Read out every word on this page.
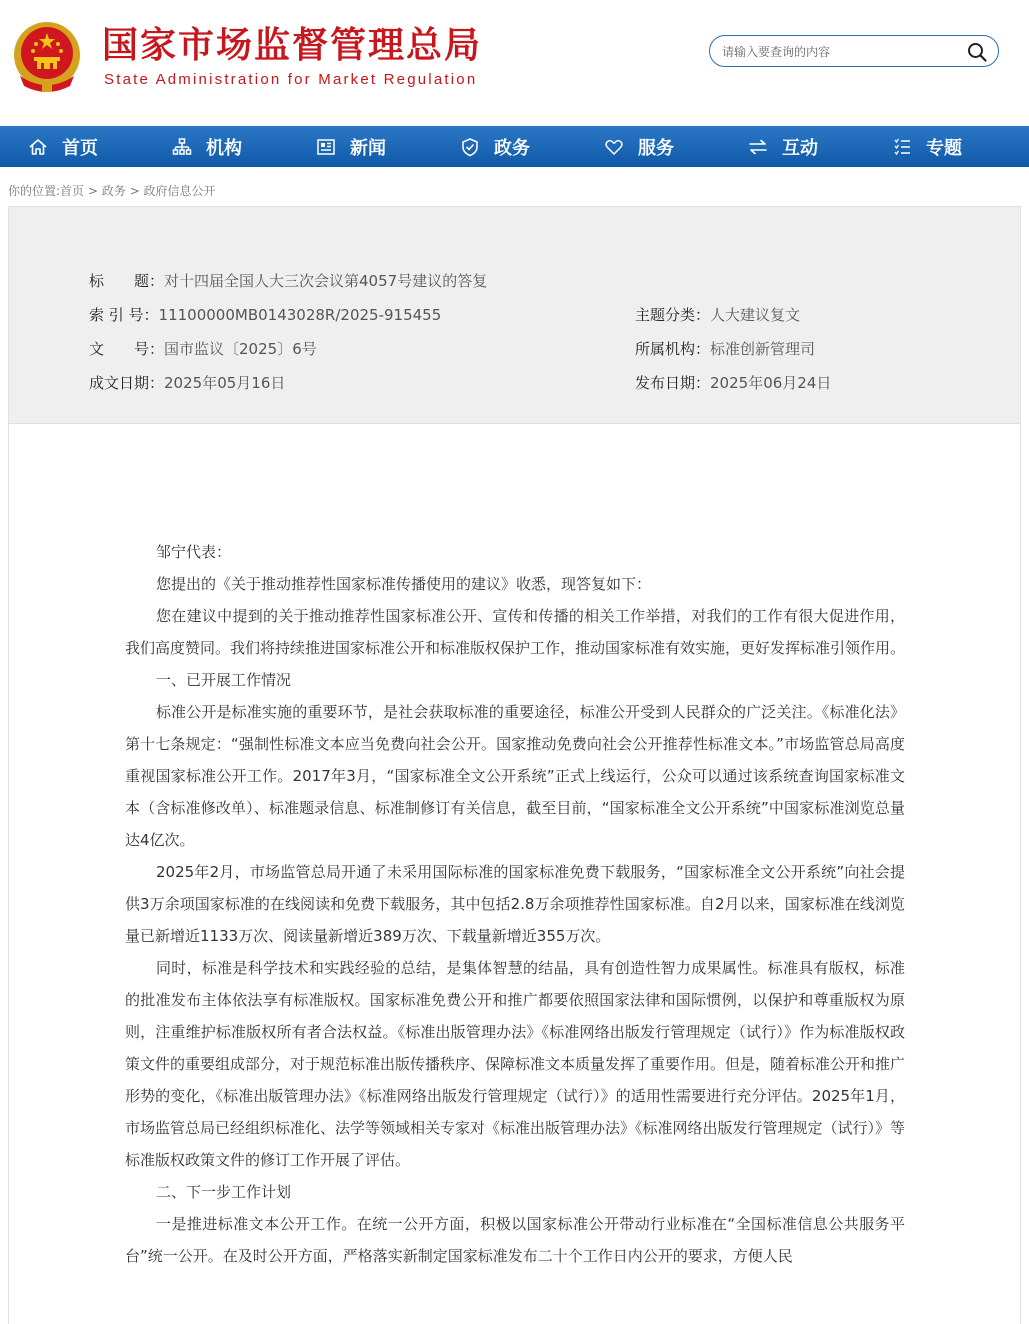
国家市场监督管理总局
State Administration for Market Regulation
请输入要查询的内容
首页	机构	新闻	政务	服务	互动	专题
你的位置:首页 > 政务 > 政府信息公开
标　　题：对十四届全国人大三次会议第4057号建议的答复
索 引 号：11100000MB0143028R/2025-915455	主题分类：人大建议复文
文　　号：国市监议〔2025〕6号	所属机构：标准创新管理司
成文日期：2025年05月16日	发布日期：2025年06月24日

邹宁代表：

您提出的《关于推动推荐性国家标准传播使用的建议》收悉，现答复如下：

您在建议中提到的关于推动推荐性国家标准公开、宣传和传播的相关工作举措，对我们的工作有很大促进作用，我们高度赞同。我们将持续推进国家标准公开和标准版权保护工作，推动国家标准有效实施，更好发挥标准引领作用。

一、已开展工作情况

标准公开是标准实施的重要环节，是社会获取标准的重要途径，标准公开受到人民群众的广泛关注。《标准化法》第十七条规定：“强制性标准文本应当免费向社会公开。国家推动免费向社会公开推荐性标准文本。”市场监管总局高度重视国家标准公开工作。2017年3月，“国家标准全文公开系统”正式上线运行，公众可以通过该系统查询国家标准文本（含标准修改单）、标准题录信息、标准制修订有关信息，截至目前，“国家标准全文公开系统”中国家标准浏览总量达4亿次。

2025年2月，市场监管总局开通了未采用国际标准的国家标准免费下载服务，“国家标准全文公开系统”向社会提供3万余项国家标准的在线阅读和免费下载服务，其中包括2.8万余项推荐性国家标准。自2月以来，国家标准在线浏览量已新增近1133万次、阅读量新增近389万次、下载量新增近355万次。

同时，标准是科学技术和实践经验的总结，是集体智慧的结晶，具有创造性智力成果属性。标准具有版权，标准的批准发布主体依法享有标准版权。国家标准免费公开和推广都要依照国家法律和国际惯例，以保护和尊重版权为原则，注重维护标准版权所有者合法权益。《标准出版管理办法》《标准网络出版发行管理规定（试行）》作为标准版权政策文件的重要组成部分，对于规范标准出版传播秩序、保障标准文本质量发挥了重要作用。但是，随着标准公开和推广形势的变化，《标准出版管理办法》《标准网络出版发行管理规定（试行）》的适用性需要进行充分评估。2025年1月，市场监管总局已经组织标准化、法学等领域相关专家对《标准出版管理办法》《标准网络出版发行管理规定（试行）》等标准版权政策文件的修订工作开展了评估。

二、下一步工作计划

一是推进标准文本公开工作。在统一公开方面，积极以国家标准公开带动行业标准在“全国标准信息公共服务平台”统一公开。在及时公开方面，严格落实新制定国家标准发布二十个工作日内公开的要求，方便人民
